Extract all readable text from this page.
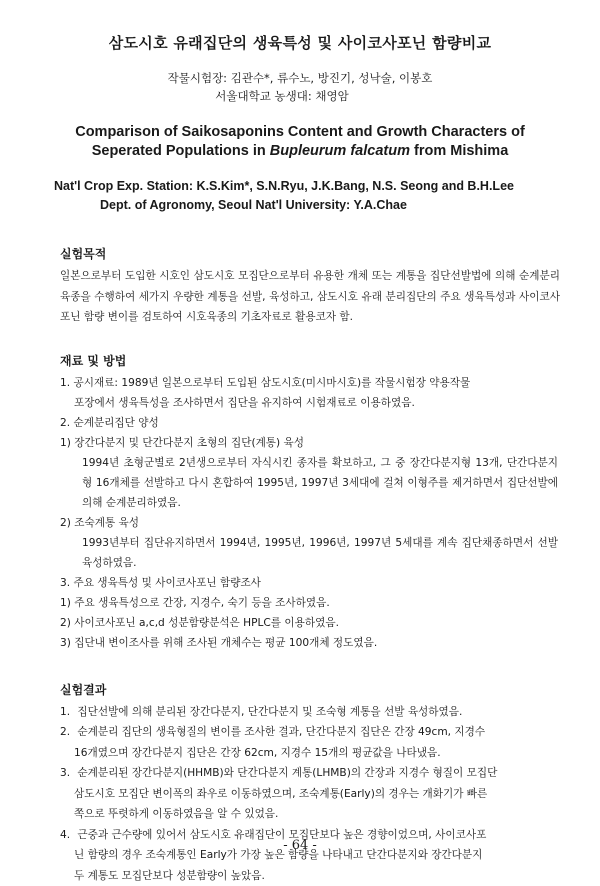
삼도시호 유래집단의 생육특성 및 사이코사포닌 함량비교
작물시험장: 김관수*, 류수노, 방진기, 성낙술, 이봉호
서울대학교 농생대: 채영암
Comparison of Saikosaponins Content and Growth Characters of
Seperated Populations in Bupleurum falcatum from Mishima
Nat'l Crop Exp. Station: K.S.Kim*, S.N.Ryu, J.K.Bang, N.S. Seong and B.H.Lee
Dept. of Agronomy, Seoul Nat'l University: Y.A.Chae
실험목적
일본으로부터 도입한 시호인 삼도시호 모집단으로부터 유용한 개체 또는 계통을 집단선발법에 의해 순계분리육종을 수행하여 세가지 우량한 계통을 선발, 육성하고, 삼도시호 유래 분리집단의 주요 생육특성과 사이코사포닌 함량 변이를 검토하여 시호육종의 기초자료로 활용코자 함.
재료 및 방법
1. 공시재료: 1989년 일본으로부터 도입된 삼도시호(미시마시호)를 작물시험장 약용작물
포장에서 생육특성을 조사하면서 집단을 유지하여 시험재료로 이용하였음.
2. 순계분리집단 양성
1) 장간다분지 및 단간다분지 초형의 집단(계통) 육성
1994년 초형군별로 2년생으로부터 자식시킨 종자를 확보하고, 그 중 장간다분지형 13개, 단간다분지형 16개체를 선발하고 다시 혼합하여 1995년, 1997년 3세대에 걸쳐 이형주를 제거하면서 집단선발에 의해 순계분리하였음.
2) 조숙계통 육성
1993년부터 집단유지하면서 1994년, 1995년, 1996년, 1997년 5세대를 계속 집단채종하면서 선발 육성하였음.
3. 주요 생육특성 및 사이코사포닌 함량조사
1) 주요 생육특성으로 간장, 지경수, 숙기 등을 조사하였음.
2) 사이코사포닌 a,c,d 성분함량분석은 HPLC를 이용하였음.
3) 집단내 변이조사를 위해 조사된 개체수는 평균 100개체 정도였음.
실험결과
1. 집단선발에 의해 분리된 장간다분지, 단간다분지 및 조숙형 계통을 선발 육성하였음.
2. 순계분리 집단의 생육형질의 변이를 조사한 결과, 단간다분지 집단은 간장 49cm, 지경수
16개였으며 장간다분지 집단은 간장 62cm, 지경수 15개의 평균값을 나타냈음.
3. 순계분리된 장간다분지(HHMB)와 단간다분지 계통(LHMB)의 간장과 지경수 형질이 모집단
삼도시호 모집단 변이폭의 좌우로 이동하였으며, 조숙계통(Early)의 경우는 개화기가 빠른
쪽으로 뚜렷하게 이동하였음을 알 수 있었음.
4. 근중과 근수량에 있어서 삼도시호 유래집단이 모집단보다 높은 경향이었으며, 사이코사포
닌 함량의 경우 조숙계통인 Early가 가장 높은 함량을 나타내고 단간다분지와 장간다분지
두 계통도 모집단보다 성분함량이 높았음.
- 64 -
